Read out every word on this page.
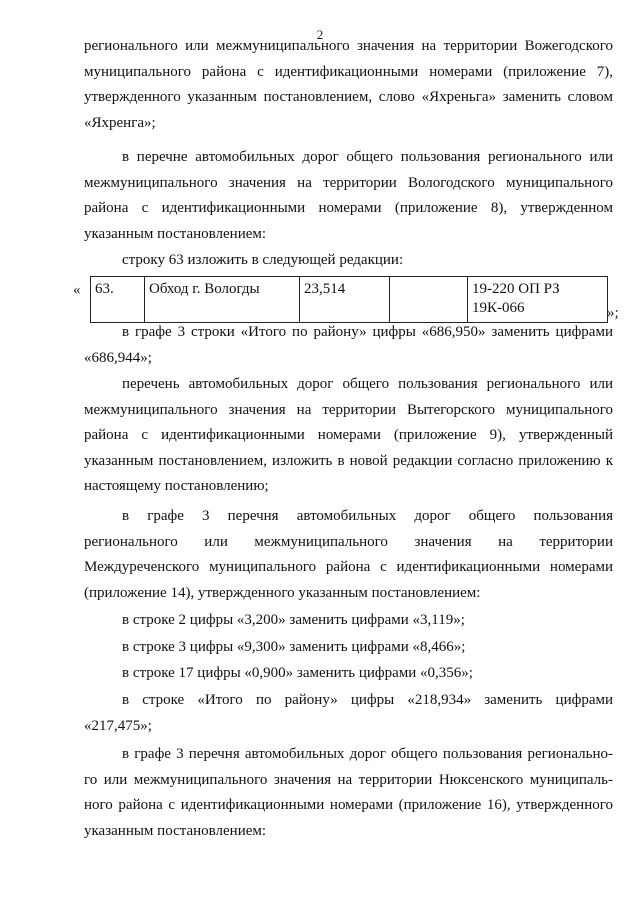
2
регионального или межмуниципального значения на территории Вожегодского
муниципального района с идентификационными номерами (приложение 7),
утвержденного указанным постановлением, слово «Яхреньга» заменить словом
«Яхренга»;
в перечне автомобильных дорог общего пользования регионального или
межмуниципального значения на территории Вологодского муниципального
района с идентификационными номерами (приложение 8), утвержденном
указанным постановлением:
строку 63 изложить в следующей редакции:
« 63.	Обход г. Вологды	23,514		19-220 ОП РЗ
19К-066	»;
в графе 3 строки «Итого по району» цифры «686,950» заменить цифрами
«686,944»;
перечень автомобильных дорог общего пользования регионального или
межмуниципального значения на территории Вытегорского муниципального
района с идентификационными номерами (приложение 9), утвержденный
указанным постановлением, изложить в новой редакции согласно приложению к
настоящему постановлению;
в графе 3 перечня автомобильных дорог общего пользования
регионального или межмуниципального значения на территории
Междуреченского муниципального района с идентификационными номерами
(приложение 14), утвержденного указанным постановлением:
в строке 2 цифры «3,200» заменить цифрами «3,119»;
в строке 3 цифры «9,300» заменить цифрами «8,466»;
в строке 17 цифры «0,900» заменить цифрами «0,356»;
в строке «Итого по району» цифры «218,934» заменить цифрами
«217,475»;
в графе 3 перечня автомобильных дорог общего пользования регионально-
го или межмуниципального значения на территории Нюксенского муниципаль-
ного района с идентификационными номерами (приложение 16), утвержденного
указанным постановлением:
